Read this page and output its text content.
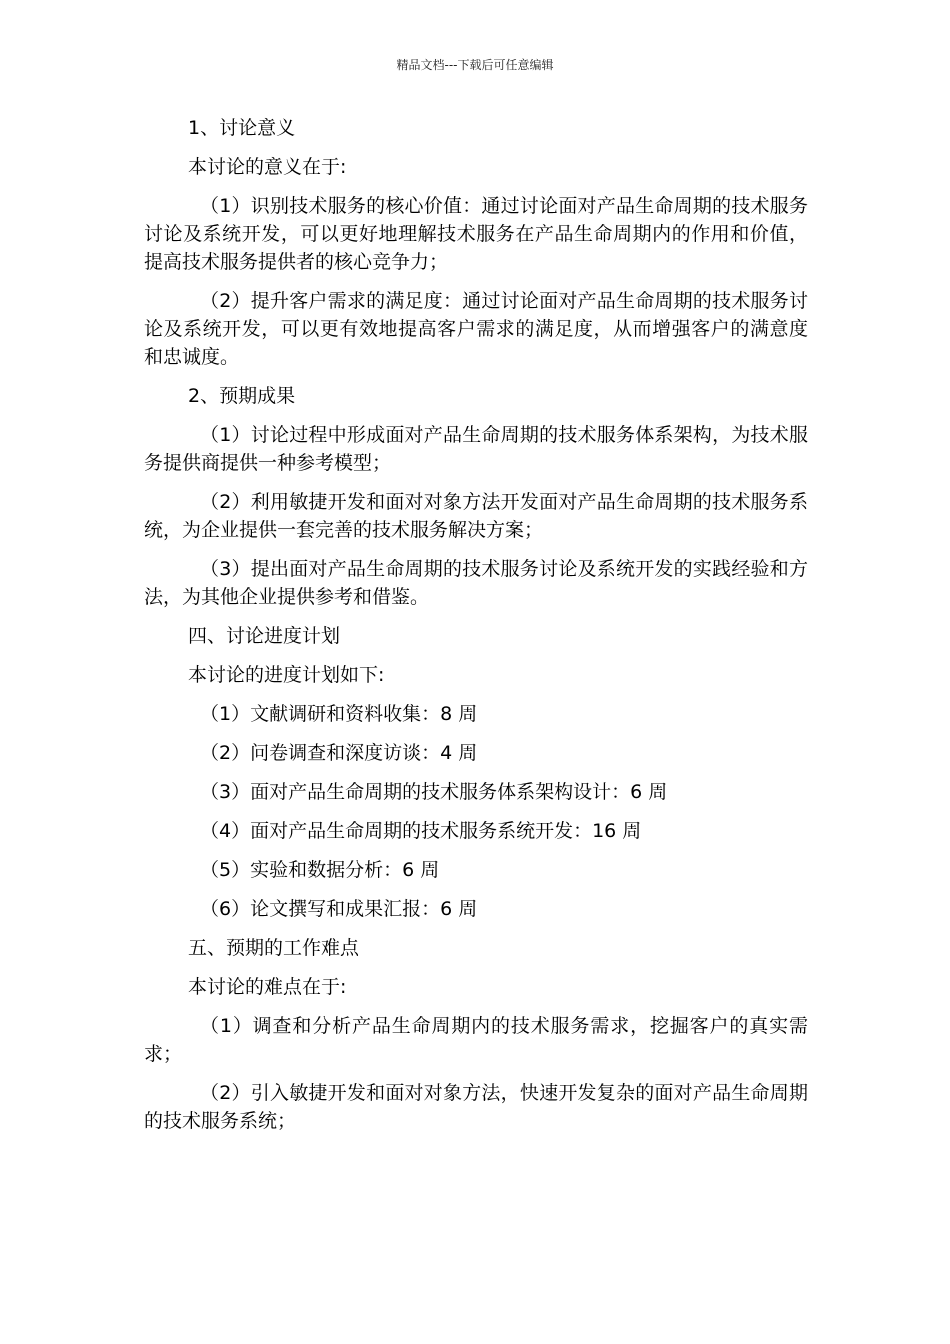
精品文档---下载后可任意编辑

1、讨论意义

本讨论的意义在于:

（1）识别技术服务的核心价值：通过讨论面对产品生命周期的技术服务讨论及系统开发，可以更好地理解技术服务在产品生命周期内的作用和价值，提高技术服务提供者的核心竞争力；

（2）提升客户需求的满足度：通过讨论面对产品生命周期的技术服务讨论及系统开发，可以更有效地提高客户需求的满足度，从而增强客户的满意度和忠诚度。

2、预期成果

（1）讨论过程中形成面对产品生命周期的技术服务体系架构，为技术服务提供商提供一种参考模型；

（2）利用敏捷开发和面对对象方法开发面对产品生命周期的技术服务系统，为企业提供一套完善的技术服务解决方案；

（3）提出面对产品生命周期的技术服务讨论及系统开发的实践经验和方法，为其他企业提供参考和借鉴。

四、讨论进度计划

本讨论的进度计划如下:

（1）文献调研和资料收集：8 周

（2）问卷调查和深度访谈：4 周

（3）面对产品生命周期的技术服务体系架构设计：6 周

（4）面对产品生命周期的技术服务系统开发：16 周

（5）实验和数据分析：6 周

（6）论文撰写和成果汇报：6 周

五、预期的工作难点

本讨论的难点在于:

（1）调查和分析产品生命周期内的技术服务需求，挖掘客户的真实需求；

（2）引入敏捷开发和面对对象方法，快速开发复杂的面对产品生命周期的技术服务系统；
